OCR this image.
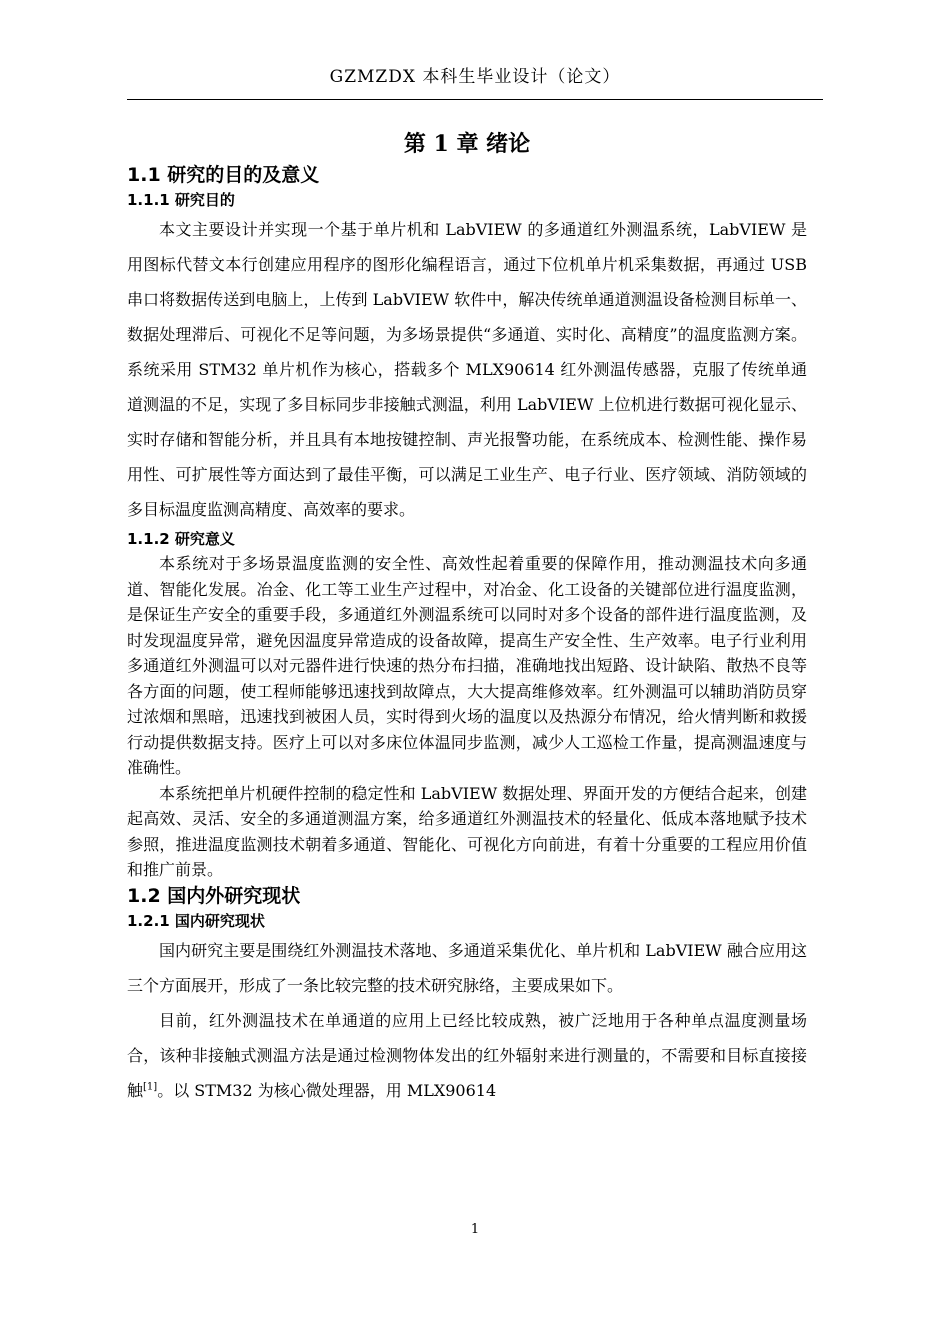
GZMZDX 本科生毕业设计（论文）
第 1 章 绪论
1.1 研究的目的及意义
1.1.1 研究目的

本文主要设计并实现一个基于单片机和 LabVIEW 的多通道红外测温系统，LabVIEW 是用图标代替文本行创建应用程序的图形化编程语言，通过下位机单片机采集数据，再通过 USB 串口将数据传送到电脑上，上传到 LabVIEW 软件中，解决传统单通道测温设备检测目标单一、数据处理滞后、可视化不足等问题，为多场景提供“多通道、实时化、高精度”的温度监测方案。系统采用 STM32 单片机作为核心，搭载多个 MLX90614 红外测温传感器，克服了传统单通道测温的不足，实现了多目标同步非接触式测温，利用 LabVIEW 上位机进行数据可视化显示、实时存储和智能分析，并且具有本地按键控制、声光报警功能，在系统成本、检测性能、操作易用性、可扩展性等方面达到了最佳平衡，可以满足工业生产、电子行业、医疗领域、消防领域的多目标温度监测高精度、高效率的要求。

1.1.2 研究意义

本系统对于多场景温度监测的安全性、高效性起着重要的保障作用，推动测温技术向多通道、智能化发展。冶金、化工等工业生产过程中，对冶金、化工设备的关键部位进行温度监测，是保证生产安全的重要手段，多通道红外测温系统可以同时对多个设备的部件进行温度监测，及时发现温度异常，避免因温度异常造成的设备故障，提高生产安全性、生产效率。电子行业利用多通道红外测温可以对元器件进行快速的热分布扫描，准确地找出短路、设计缺陷、散热不良等各方面的问题，使工程师能够迅速找到故障点，大大提高维修效率。红外测温可以辅助消防员穿过浓烟和黑暗，迅速找到被困人员，实时得到火场的温度以及热源分布情况，给火情判断和救援行动提供数据支持。医疗上可以对多床位体温同步监测，减少人工巡检工作量，提高测温速度与准确性。

本系统把单片机硬件控制的稳定性和 LabVIEW 数据处理、界面开发的方便结合起来，创建起高效、灵活、安全的多通道测温方案，给多通道红外测温技术的轻量化、低成本落地赋予技术参照，推进温度监测技术朝着多通道、智能化、可视化方向前进，有着十分重要的工程应用价值和推广前景。

1.2 国内外研究现状
1.2.1 国内研究现状

国内研究主要是围绕红外测温技术落地、多通道采集优化、单片机和 LabVIEW 融合应用这三个方面展开，形成了一条比较完整的技术研究脉络，主要成果如下。

目前，红外测温技术在单通道的应用上已经比较成熟，被广泛地用于各种单点温度测量场合，该种非接触式测温方法是通过检测物体发出的红外辐射来进行测量的，不需要和目标直接接触[1]。以 STM32 为核心微处理器，用 MLX90614

1
